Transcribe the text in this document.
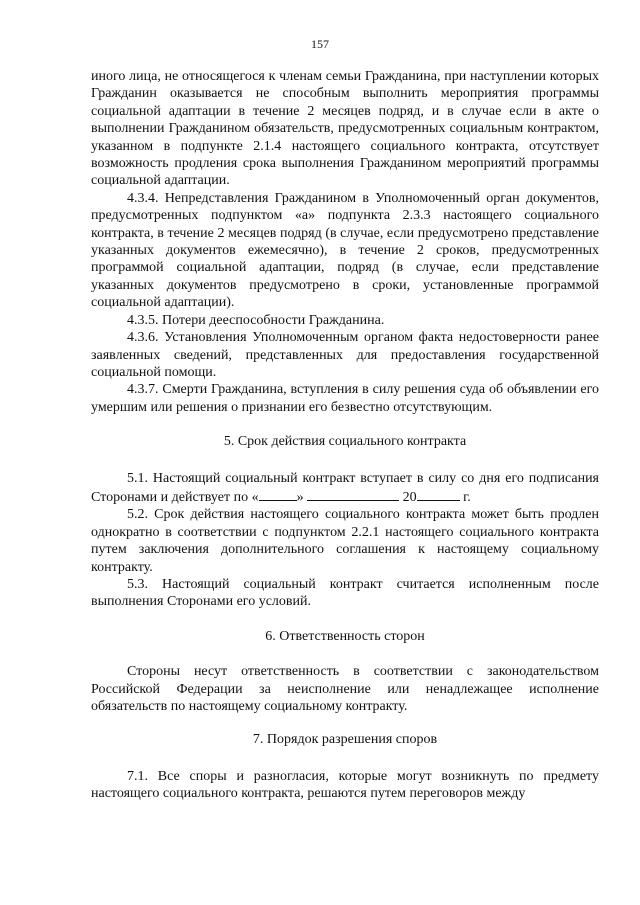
157

иного лица, не относящегося к членам семьи Гражданина, при наступлении которых Гражданин оказывается не способным выполнить мероприятия программы социальной адаптации в течение 2 месяцев подряд, и в случае если в акте о выполнении Гражданином обязательств, предусмотренных социальным контрактом, указанном в подпункте 2.1.4 настоящего социального контракта, отсутствует возможность продления срока выполнения Гражданином мероприятий программы социальной адаптации.

4.3.4. Непредставления Гражданином в Уполномоченный орган документов, предусмотренных подпунктом «а» подпункта 2.3.3 настоящего социального контракта, в течение 2 месяцев подряд (в случае, если предусмотрено представление указанных документов ежемесячно), в течение 2 сроков, предусмотренных программой социальной адаптации, подряд (в случае, если представление указанных документов предусмотрено в сроки, установленные программой социальной адаптации).

4.3.5. Потери дееспособности Гражданина.

4.3.6. Установления Уполномоченным органом факта недостоверности ранее заявленных сведений, представленных для предоставления государственной социальной помощи.

4.3.7. Смерти Гражданина, вступления в силу решения суда об объявлении его умершим или решения о признании его безвестно отсутствующим.

5. Срок действия социального контракта

5.1. Настоящий социальный контракт вступает в силу со дня его подписания Сторонами и действует по «	»	20	г.

5.2. Срок действия настоящего социального контракта может быть продлен однократно в соответствии с подпунктом 2.2.1 настоящего социального контракта путем заключения дополнительного соглашения к настоящему социальному контракту.

5.3. Настоящий социальный контракт считается исполненным после выполнения Сторонами его условий.

6. Ответственность сторон

Стороны несут ответственность в соответствии с законодательством Российской Федерации за неисполнение или ненадлежащее исполнение обязательств по настоящему социальному контракту.

7. Порядок разрешения споров

7.1. Все споры и разногласия, которые могут возникнуть по предмету настоящего социального контракта, решаются путем переговоров между
